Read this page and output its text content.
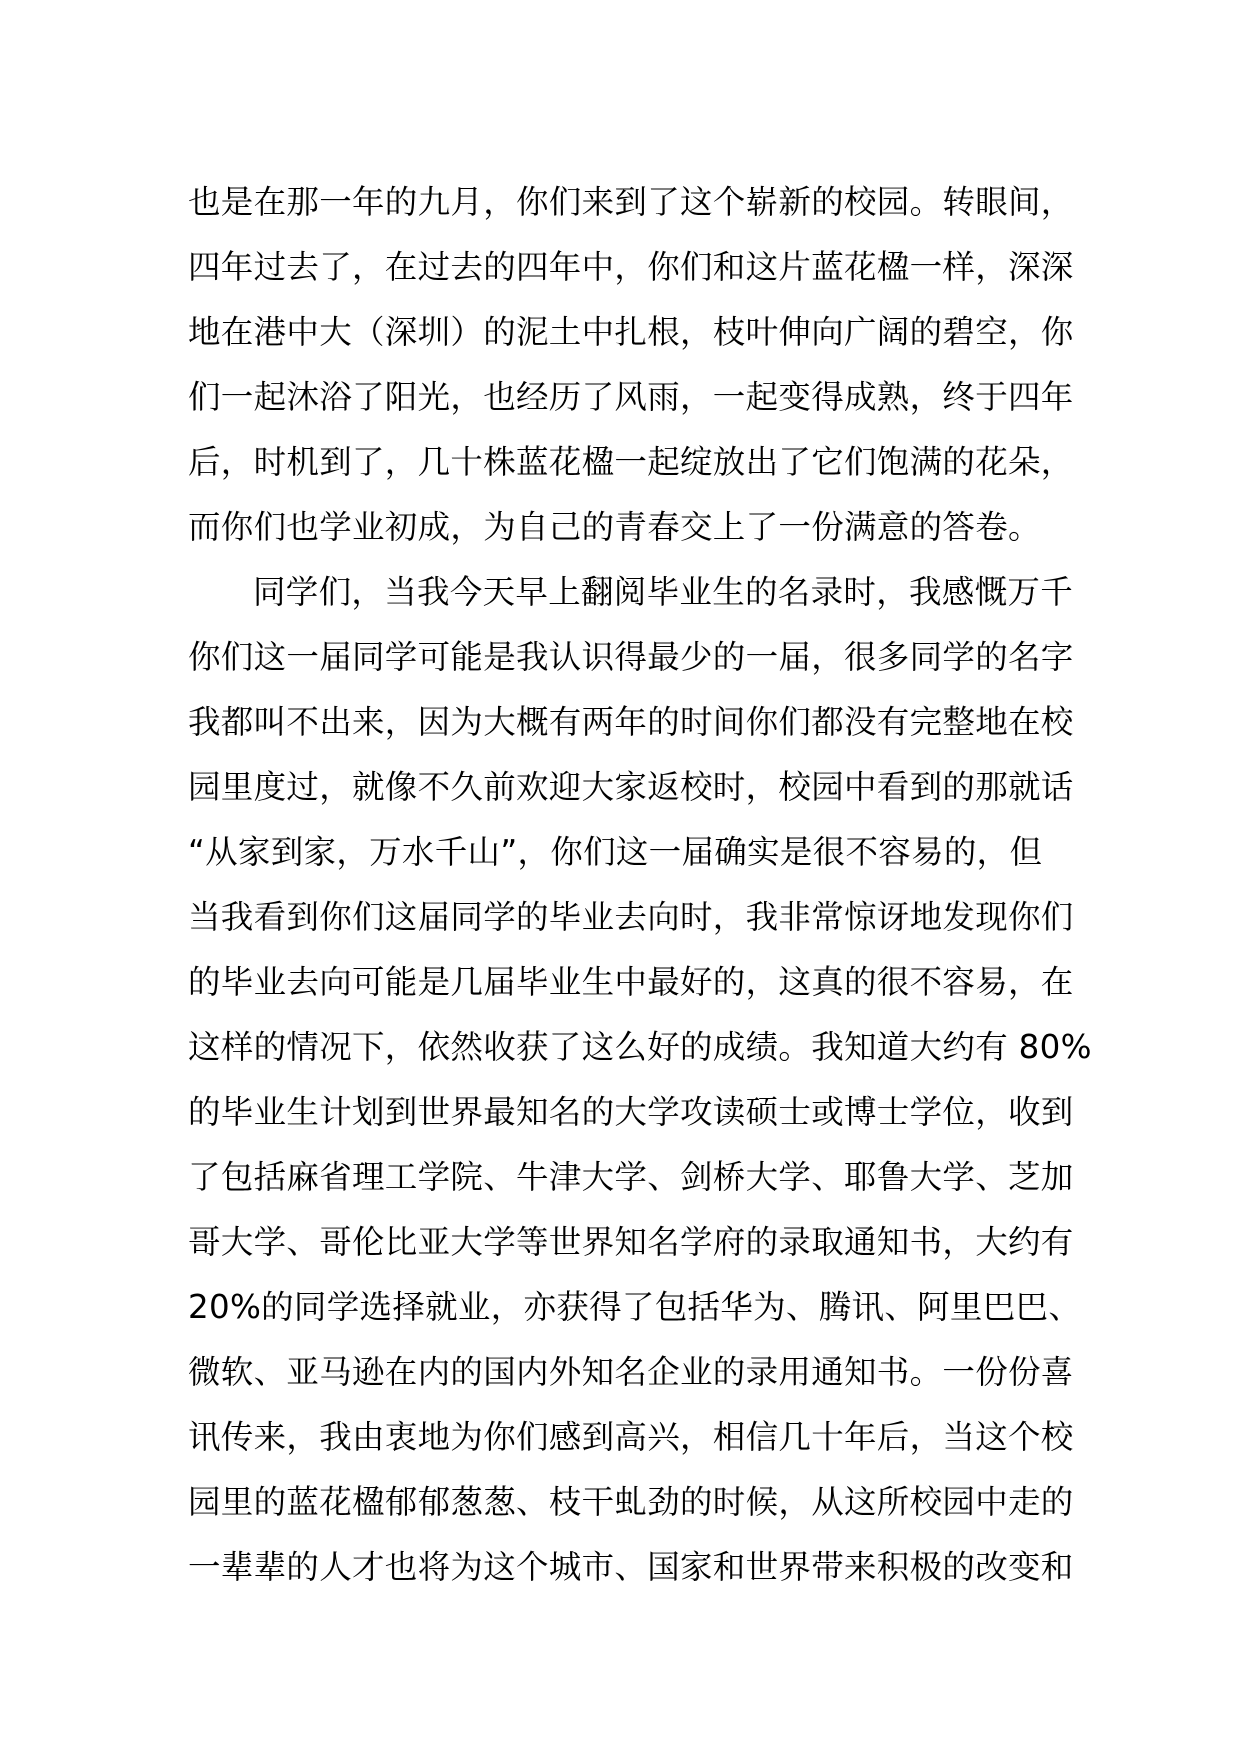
也是在那一年的九月，你们来到了这个崭新的校园。转眼间，
四年过去了，在过去的四年中，你们和这片蓝花楹一样，深深
地在港中大（深圳）的泥土中扎根，枝叶伸向广阔的碧空，你
们一起沐浴了阳光，也经历了风雨，一起变得成熟，终于四年
后，时机到了，几十株蓝花楹一起绽放出了它们饱满的花朵，
而你们也学业初成，为自己的青春交上了一份满意的答卷。
同学们，当我今天早上翻阅毕业生的名录时，我感慨万千
你们这一届同学可能是我认识得最少的一届，很多同学的名字
我都叫不出来，因为大概有两年的时间你们都没有完整地在校
园里度过，就像不久前欢迎大家返校时，校园中看到的那就话
“从家到家，万水千山”，你们这一届确实是很不容易的，但
当我看到你们这届同学的毕业去向时，我非常惊讶地发现你们
的毕业去向可能是几届毕业生中最好的，这真的很不容易，在
这样的情况下，依然收获了这么好的成绩。我知道大约有 80%
的毕业生计划到世界最知名的大学攻读硕士或博士学位，收到
了包括麻省理工学院、牛津大学、剑桥大学、耶鲁大学、芝加
哥大学、哥伦比亚大学等世界知名学府的录取通知书，大约有
20%的同学选择就业，亦获得了包括华为、腾讯、阿里巴巴、
微软、亚马逊在内的国内外知名企业的录用通知书。一份份喜
讯传来，我由衷地为你们感到高兴，相信几十年后，当这个校
园里的蓝花楹郁郁葱葱、枝干虬劲的时候，从这所校园中走的
一辈辈的人才也将为这个城市、国家和世界带来积极的改变和
